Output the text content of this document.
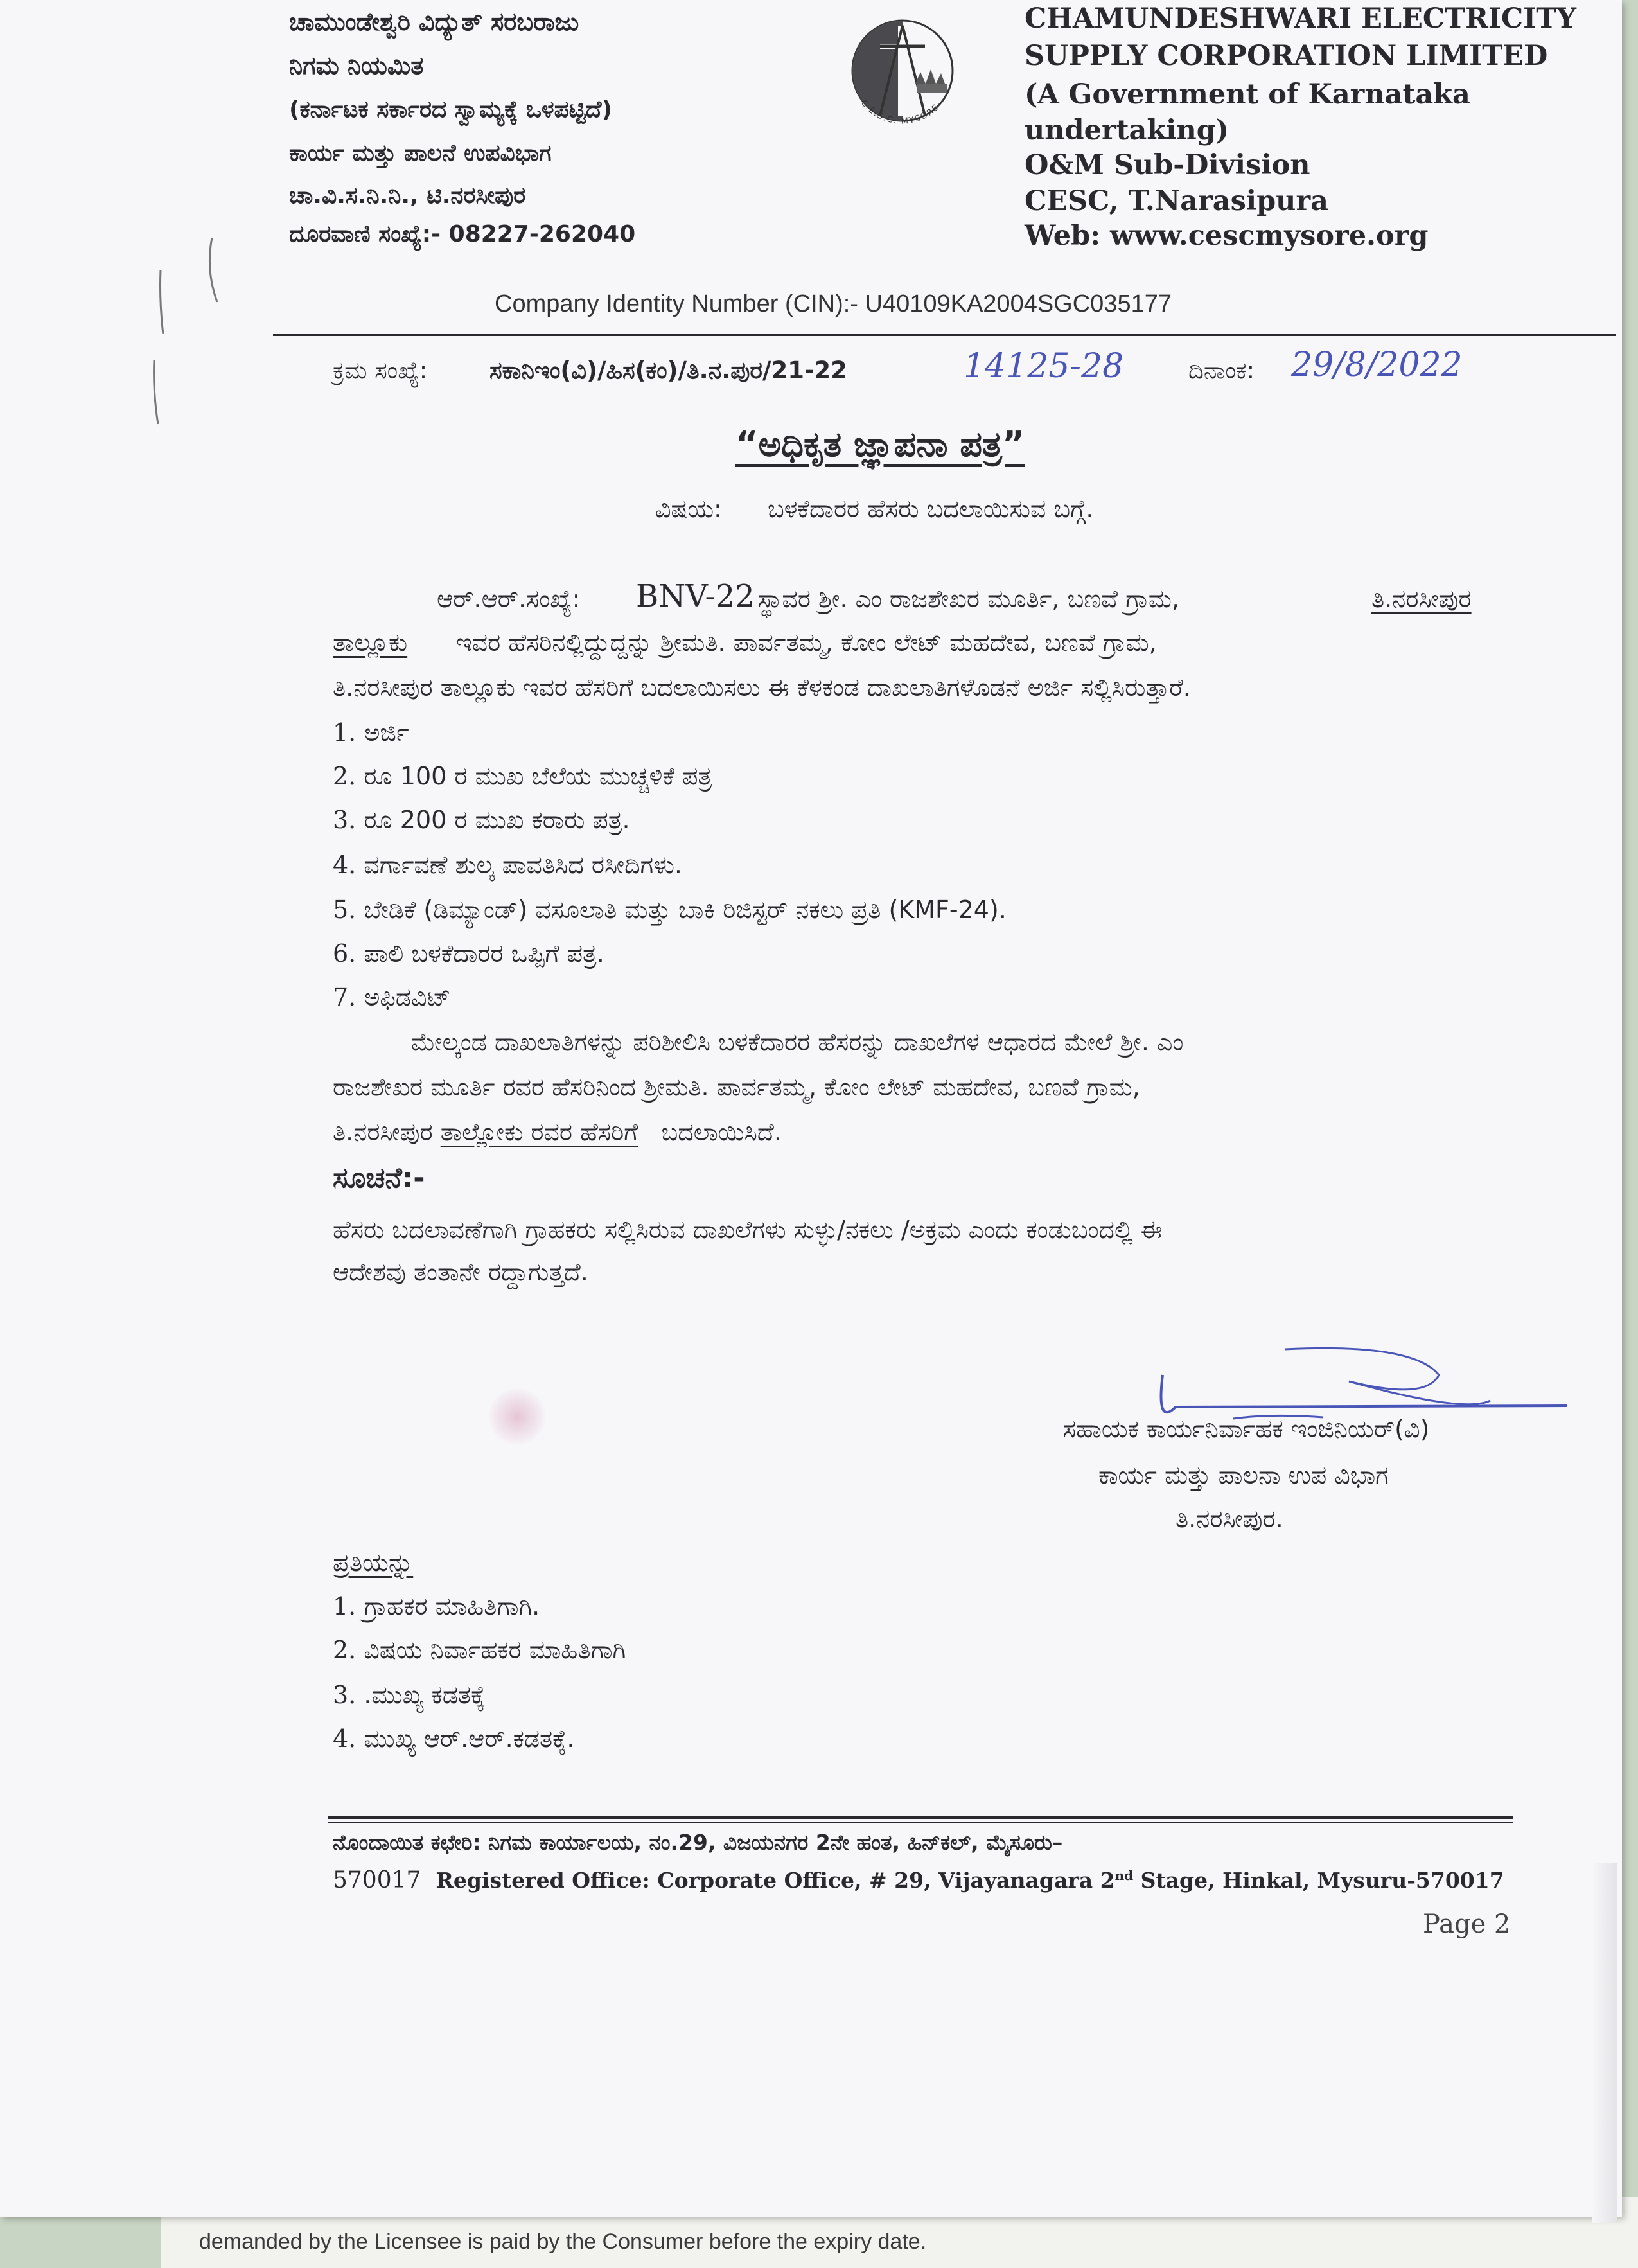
demanded by the Licensee is paid by the Consumer before the expiry date.
ಚಾಮುಂಡೇಶ್ವರಿ ವಿದ್ಯುತ್ ಸರಬರಾಜು
ನಿಗಮ ನಿಯಮಿತ
(ಕರ್ನಾಟಕ ಸರ್ಕಾರದ ಸ್ವಾಮ್ಯಕ್ಕೆ ಒಳಪಟ್ಟಿದೆ)
ಕಾರ್ಯ ಮತ್ತು ಪಾಲನೆ ಉಪವಿಭಾಗ
ಚಾ.ವಿ.ಸ.ನಿ.ನಿ., ಟಿ.ನರಸೀಪುರ
ದೂರವಾಣಿ ಸಂಖ್ಯೆ:- 08227-262040
C.E.S.C. MYSORE
CHAMUNDESHWARI ELECTRICITY
SUPPLY CORPORATION LIMITED
(A Government of Karnataka
undertaking)
O&M Sub-Division
CESC, T.Narasipura
Web: www.cescmysore.org
Company Identity Number (CIN):- U40109KA2004SGC035177
ಕ್ರಮ ಸಂಖ್ಯೆ:	ಸಕಾನಿಇಂ(ವಿ)/ಹಿಸ(ಕಂ)/ತಿ.ನ.ಪುರ/21-22	14125-28	ದಿನಾಂಕ: 29/8/2022
“ಅಧಿಕೃತ ಜ್ಞಾಪನಾ ಪತ್ರ”
ವಿಷಯ: ಬಳಕೆದಾರರ ಹೆಸರು ಬದಲಾಯಿಸುವ ಬಗ್ಗೆ.
ಆರ್.ಆರ್.ಸಂಖ್ಯೆ: BNV-22 ಸ್ಥಾವರ ಶ್ರೀ. ಎಂ ರಾಜಶೇಖರ ಮೂರ್ತಿ, ಬಣವೆ ಗ್ರಾಮ,	ತಿ.ನರಸೀಪುರ
ತಾಲ್ಲೂಕು ಇವರ ಹೆಸರಿನಲ್ಲಿದ್ದುದ್ದನ್ನು ಶ್ರೀಮತಿ. ಪಾರ್ವತಮ್ಮ, ಕೋಂ ಲೇಟ್ ಮಹದೇವ, ಬಣವೆ ಗ್ರಾಮ,
ತಿ.ನರಸೀಪುರ ತಾಲ್ಲೂಕು ಇವರ ಹೆಸರಿಗೆ ಬದಲಾಯಿಸಲು ಈ ಕೆಳಕಂಡ ದಾಖಲಾತಿಗಳೊಡನೆ ಅರ್ಜಿ ಸಲ್ಲಿಸಿರುತ್ತಾರೆ.
1. ಅರ್ಜಿ
2. ರೂ 100 ರ ಮುಖ ಬೆಲೆಯ ಮುಚ್ಚಳಿಕೆ ಪತ್ರ
3. ರೂ 200 ರ ಮುಖ ಕರಾರು ಪತ್ರ.
4. ವರ್ಗಾವಣೆ ಶುಲ್ಕ ಪಾವತಿಸಿದ ರಸೀದಿಗಳು.
5. ಬೇಡಿಕೆ (ಡಿಮ್ಯಾಂಡ್) ವಸೂಲಾತಿ ಮತ್ತು ಬಾಕಿ ರಿಜಿಸ್ಟರ್ ನಕಲು ಪ್ರತಿ (KMF-24).
6. ಪಾಲಿ ಬಳಕೆದಾರರ ಒಪ್ಪಿಗೆ ಪತ್ರ.
7. ಅಫಿಡವಿಟ್
ಮೇಲ್ಕಂಡ ದಾಖಲಾತಿಗಳನ್ನು ಪರಿಶೀಲಿಸಿ ಬಳಕೆದಾರರ ಹೆಸರನ್ನು ದಾಖಲೆಗಳ ಆಧಾರದ ಮೇಲೆ ಶ್ರೀ. ಎಂ
ರಾಜಶೇಖರ ಮೂರ್ತಿ ರವರ ಹೆಸರಿನಿಂದ ಶ್ರೀಮತಿ. ಪಾರ್ವತಮ್ಮ, ಕೋಂ ಲೇಟ್ ಮಹದೇವ, ಬಣವೆ ಗ್ರಾಮ,
ತಿ.ನರಸೀಪುರ ತಾಲ್ಲೋಕು ರವರ ಹೆಸರಿಗೆ ಬದಲಾಯಿಸಿದೆ.
ಸೂಚನೆ:-
ಹೆಸರು ಬದಲಾವಣೆಗಾಗಿ ಗ್ರಾಹಕರು ಸಲ್ಲಿಸಿರುವ ದಾಖಲೆಗಳು ಸುಳ್ಳು/ನಕಲು /ಅಕ್ರಮ ಎಂದು ಕಂಡುಬಂದಲ್ಲಿ ಈ
ಆದೇಶವು ತಂತಾನೇ ರದ್ದಾಗುತ್ತದೆ.
ಸಹಾಯಕ ಕಾರ್ಯನಿರ್ವಾಹಕ ಇಂಜಿನಿಯರ್(ವಿ)
ಕಾರ್ಯ ಮತ್ತು ಪಾಲನಾ ಉಪ ವಿಭಾಗ
ತಿ.ನರಸೀಪುರ.
ಪ್ರತಿಯನ್ನು
1. ಗ್ರಾಹಕರ ಮಾಹಿತಿಗಾಗಿ.
2. ವಿಷಯ ನಿರ್ವಾಹಕರ ಮಾಹಿತಿಗಾಗಿ
3. .ಮುಖ್ಯ ಕಡತಕ್ಕೆ
4. ಮುಖ್ಯ ಆರ್.ಆರ್.ಕಡತಕ್ಕೆ.
ನೊಂದಾಯಿತ ಕಛೇರಿ: ನಿಗಮ ಕಾರ್ಯಾಲಯ, ನಂ.29, ವಿಜಯನಗರ 2ನೇ ಹಂತ, ಹಿನ್‌ಕಲ್, ಮೈಸೂರು–
570017 Registered Office: Corporate Office, # 29, Vijayanagara 2nd Stage, Hinkal, Mysuru-570017
Page 2
